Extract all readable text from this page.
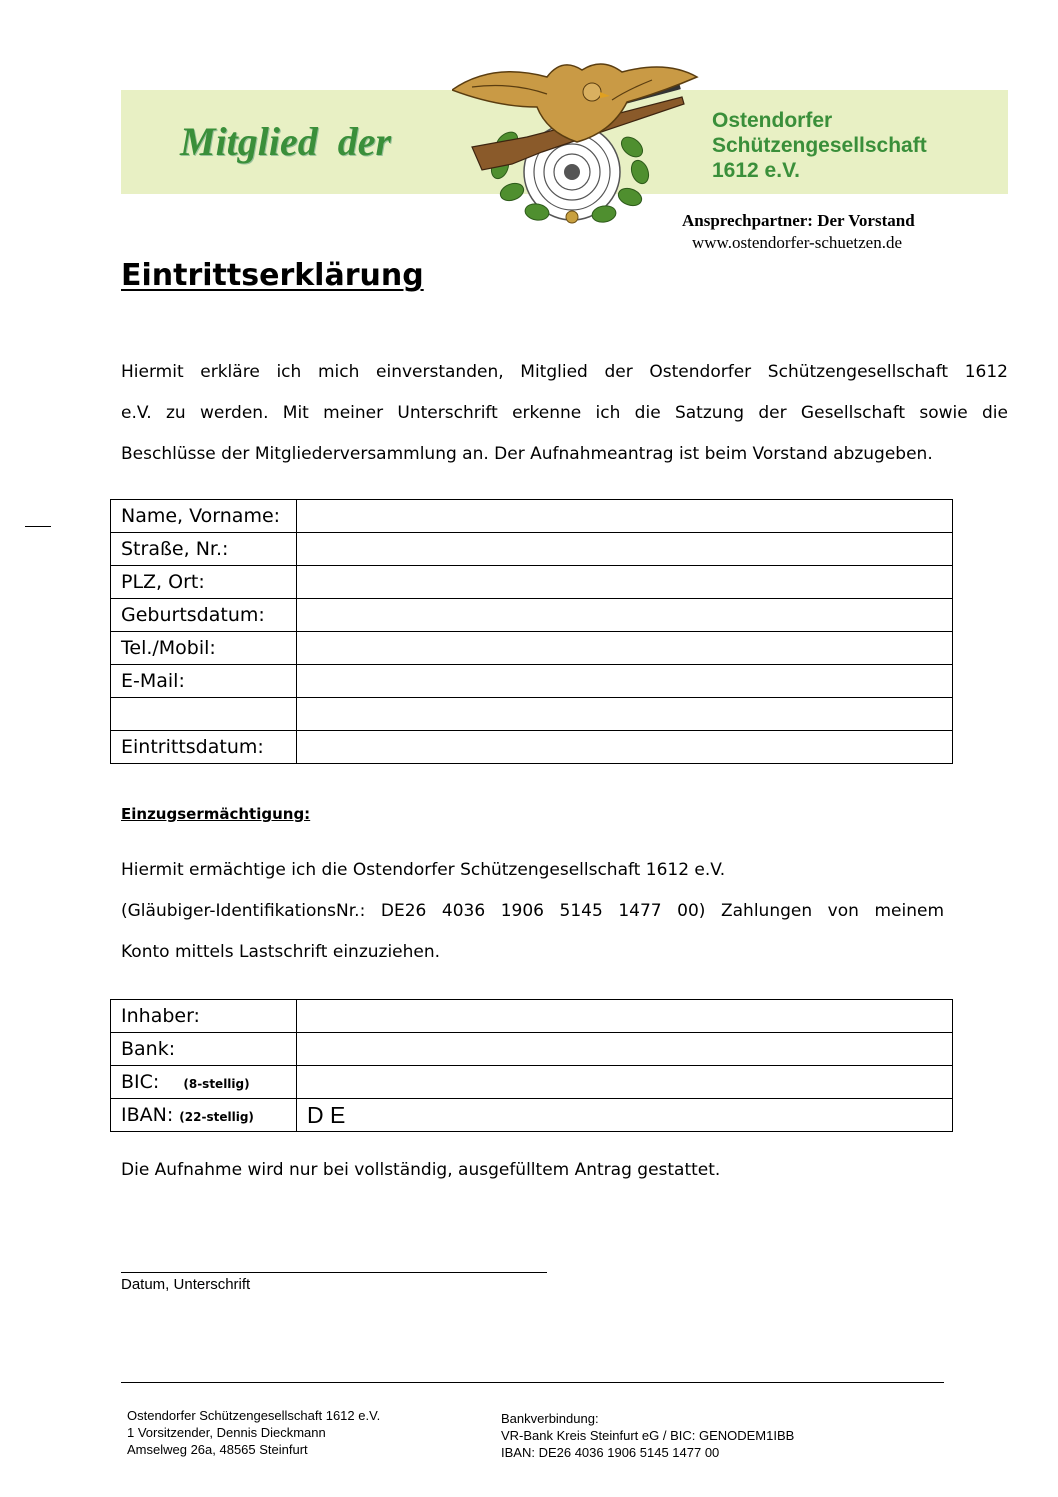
Mitglied  der	Ostendorfer
Schützengesellschaft
1612 e.V.
Ansprechpartner: Der Vorstand
www.ostendorfer-schuetzen.de
Eintrittserklärung
Hiermit erkläre ich mich einverstanden, Mitglied der Ostendorfer Schützengesellschaft 1612
e.V. zu werden. Mit meiner Unterschrift erkenne ich die Satzung der Gesellschaft sowie die
Beschlüsse der Mitgliederversammlung an. Der Aufnahmeantrag ist beim Vorstand abzugeben.
Name, Vorname:	
Straße, Nr.:	
PLZ, Ort:	
Geburtsdatum:	
Tel./Mobil:	
E-Mail:	

Eintrittsdatum:	
Einzugsermächtigung:
Hiermit ermächtige ich die Ostendorfer Schützengesellschaft 1612 e.V.
(Gläubiger-IdentifikationsNr.: DE26 4036 1906 5145 1477 00) Zahlungen von meinem
Konto mittels Lastschrift einzuziehen.
Inhaber:	
Bank:	
BIC: (8-stellig)	
IBAN: (22-stellig)	D E
Die Aufnahme wird nur bei vollständig, ausgefülltem Antrag gestattet.
Datum, Unterschrift
Ostendorfer Schützengesellschaft 1612 e.V.
1 Vorsitzender, Dennis Dieckmann
Amselweg 26a, 48565 Steinfurt
Bankverbindung:
VR-Bank Kreis Steinfurt eG / BIC: GENODEM1IBB
IBAN: DE26 4036 1906 5145 1477 00
